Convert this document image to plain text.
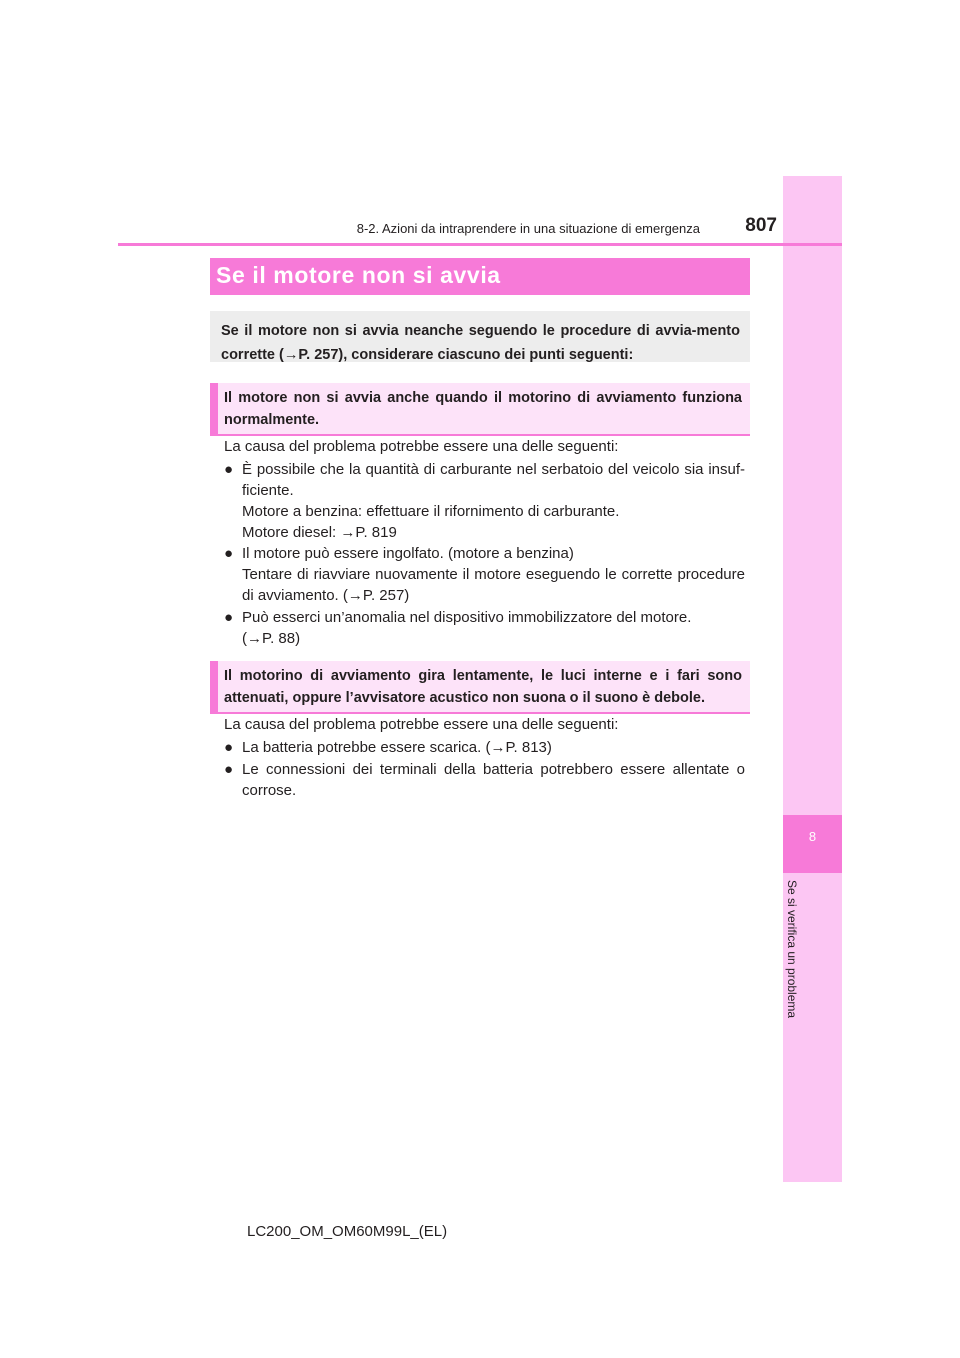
8
Se si verifica un problema
8-2. Azioni da intraprendere in una situazione di emergenza	807
Se il motore non si avvia
Se il motore non si avvia neanche seguendo le procedure di avvia-mento corrette (→P. 257), considerare ciascuno dei punti seguenti:
Il motore non si avvia anche quando il motorino di avviamento funziona normalmente.
La causa del problema potrebbe essere una delle seguenti:
● È possibile che la quantità di carburante nel serbatoio del veicolo sia insuf-ficiente.
Motore a benzina: effettuare il rifornimento di carburante.
Motore diesel: →P. 819
● Il motore può essere ingolfato. (motore a benzina)
Tentare di riavviare nuovamente il motore eseguendo le corrette procedure di avviamento. (→P. 257)
● Può esserci un’anomalia nel dispositivo immobilizzatore del motore.
(→P. 88)
Il motorino di avviamento gira lentamente, le luci interne e i fari sono attenuati, oppure l’avvisatore acustico non suona o il suono è debole.
La causa del problema potrebbe essere una delle seguenti:
● La batteria potrebbe essere scarica. (→P. 813)
● Le connessioni dei terminali della batteria potrebbero essere allentate o corrose.
LC200_OM_OM60M99L_(EL)
